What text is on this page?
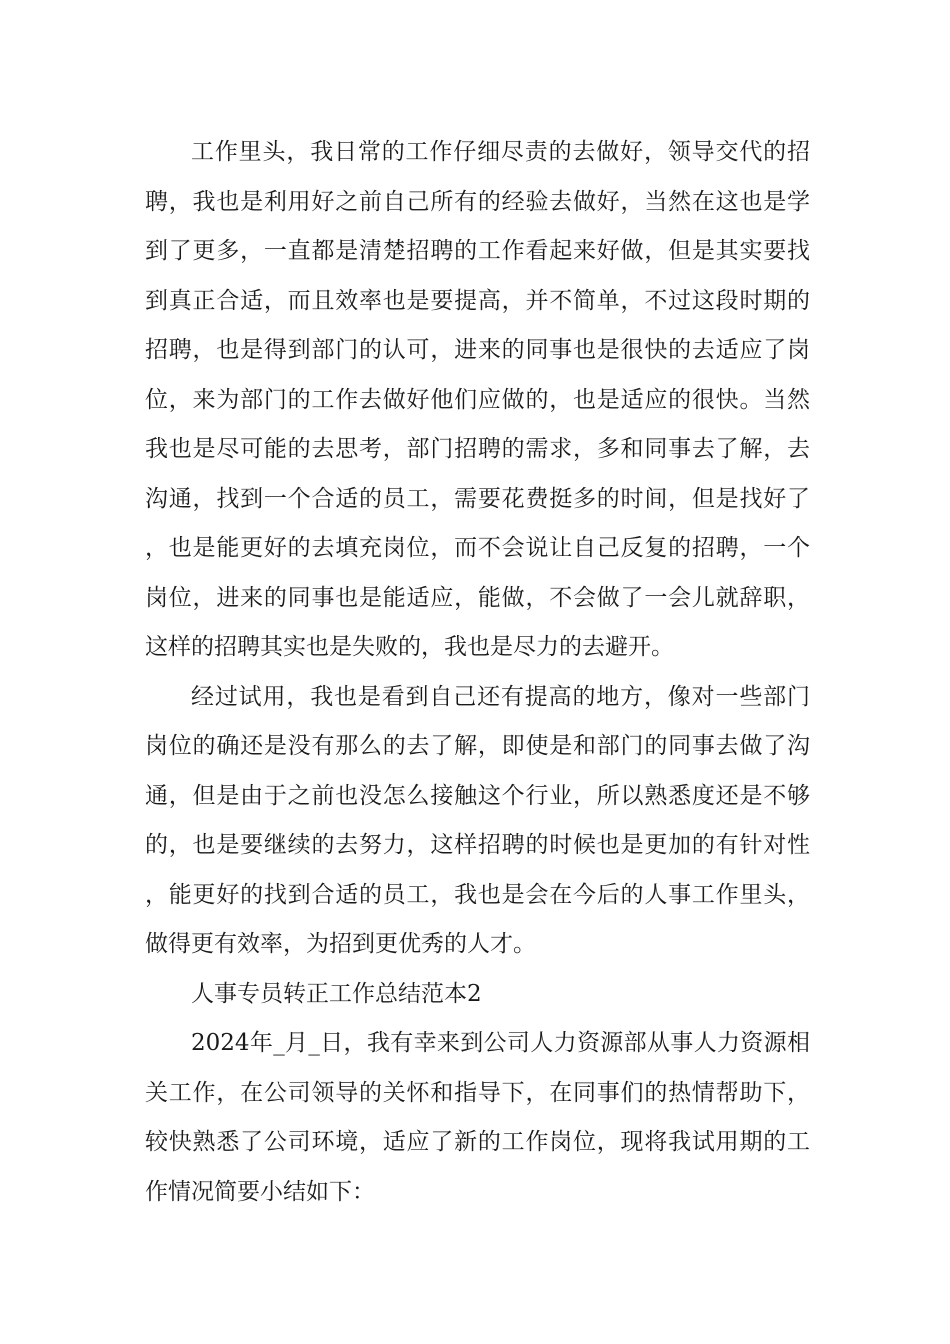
工作里头，我日常的工作仔细尽责的去做好，领导交代的招聘，我也是利用好之前自己所有的经验去做好，当然在这也是学到了更多，一直都是清楚招聘的工作看起来好做，但是其实要找到真正合适，而且效率也是要提高，并不简单，不过这段时期的招聘，也是得到部门的认可，进来的同事也是很快的去适应了岗位，来为部门的工作去做好他们应做的，也是适应的很快。当然我也是尽可能的去思考，部门招聘的需求，多和同事去了解，去沟通，找到一个合适的员工，需要花费挺多的时间，但是找好了，也是能更好的去填充岗位，而不会说让自己反复的招聘，一个岗位，进来的同事也是能适应，能做，不会做了一会儿就辞职，这样的招聘其实也是失败的，我也是尽力的去避开。

经过试用，我也是看到自己还有提高的地方，像对一些部门岗位的确还是没有那么的去了解，即使是和部门的同事去做了沟通，但是由于之前也没怎么接触这个行业，所以熟悉度还是不够的，也是要继续的去努力，这样招聘的时候也是更加的有针对性，能更好的找到合适的员工，我也是会在今后的人事工作里头，做得更有效率，为招到更优秀的人才。

人事专员转正工作总结范本2

2024年_月_日，我有幸来到公司人力资源部从事人力资源相关工作，在公司领导的关怀和指导下，在同事们的热情帮助下，较快熟悉了公司环境，适应了新的工作岗位，现将我试用期的工作情况简要小结如下：
